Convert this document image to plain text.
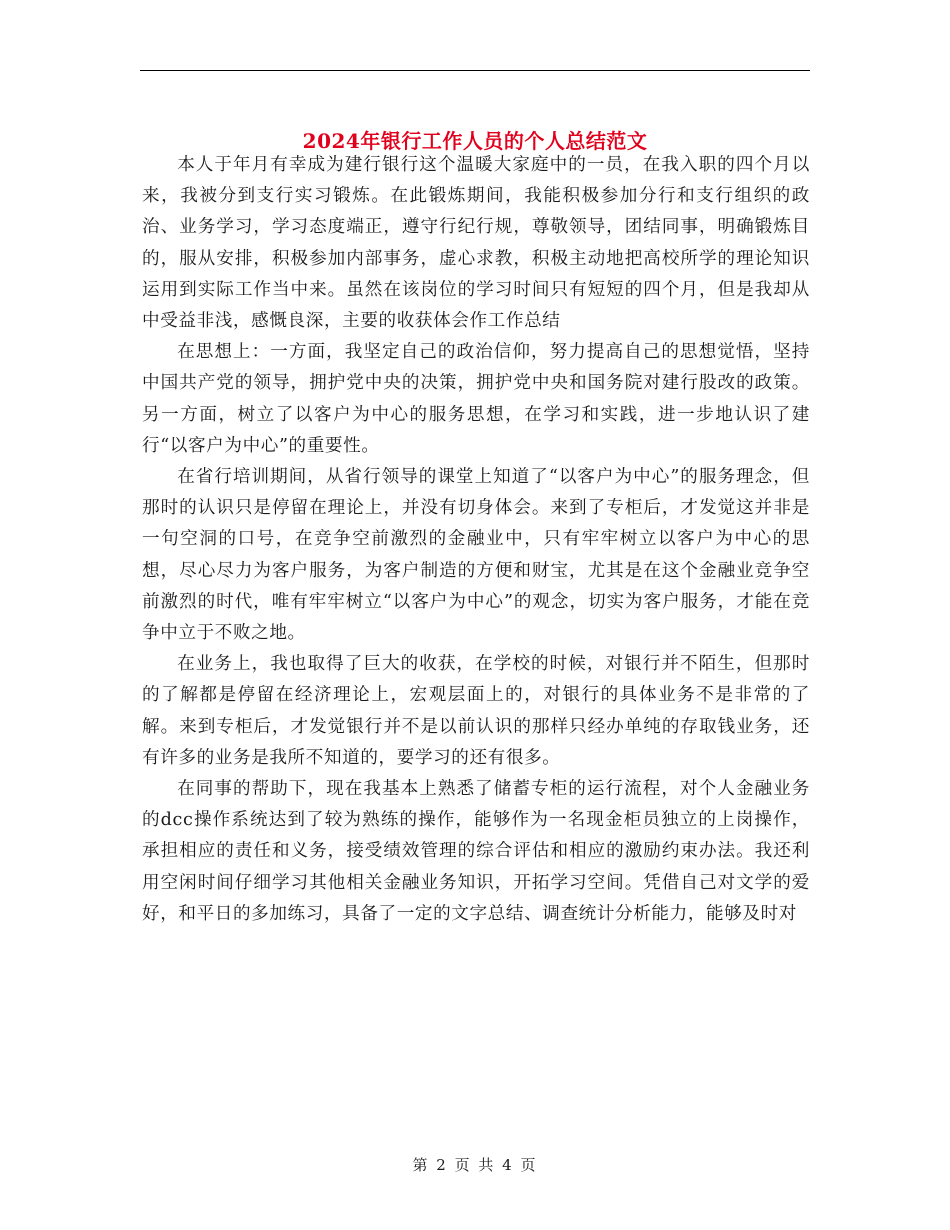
2024年银行工作人员的个人总结范文

本人于年月有幸成为建行银行这个温暖大家庭中的一员，在我入职的四个月以来，我被分到支行实习锻炼。在此锻炼期间，我能积极参加分行和支行组织的政治、业务学习，学习态度端正，遵守行纪行规，尊敬领导，团结同事，明确锻炼目的，服从安排，积极参加内部事务，虚心求教，积极主动地把高校所学的理论知识运用到实际工作当中来。虽然在该岗位的学习时间只有短短的四个月，但是我却从中受益非浅，感慨良深，主要的收获体会作工作总结

在思想上：一方面，我坚定自己的政治信仰，努力提高自己的思想觉悟，坚持中国共产党的领导，拥护党中央的决策，拥护党中央和国务院对建行股改的政策。另一方面，树立了以客户为中心的服务思想，在学习和实践，进一步地认识了建行“以客户为中心”的重要性。

在省行培训期间，从省行领导的课堂上知道了“以客户为中心”的服务理念，但那时的认识只是停留在理论上，并没有切身体会。来到了专柜后，才发觉这并非是一句空洞的口号，在竞争空前激烈的金融业中，只有牢牢树立以客户为中心的思想，尽心尽力为客户服务，为客户制造的方便和财宝，尤其是在这个金融业竞争空前激烈的时代，唯有牢牢树立“以客户为中心”的观念，切实为客户服务，才能在竞争中立于不败之地。

在业务上，我也取得了巨大的收获，在学校的时候，对银行并不陌生，但那时的了解都是停留在经济理论上，宏观层面上的，对银行的具体业务不是非常的了解。来到专柜后，才发觉银行并不是以前认识的那样只经办单纯的存取钱业务，还有许多的业务是我所不知道的，要学习的还有很多。

在同事的帮助下，现在我基本上熟悉了储蓄专柜的运行流程，对个人金融业务的dcc操作系统达到了较为熟练的操作，能够作为一名现金柜员独立的上岗操作，承担相应的责任和义务，接受绩效管理的综合评估和相应的激励约束办法。我还利用空闲时间仔细学习其他相关金融业务知识，开拓学习空间。凭借自己对文学的爱好，和平日的多加练习，具备了一定的文字总结、调查统计分析能力，能够及时对

第 2 页 共 4 页
